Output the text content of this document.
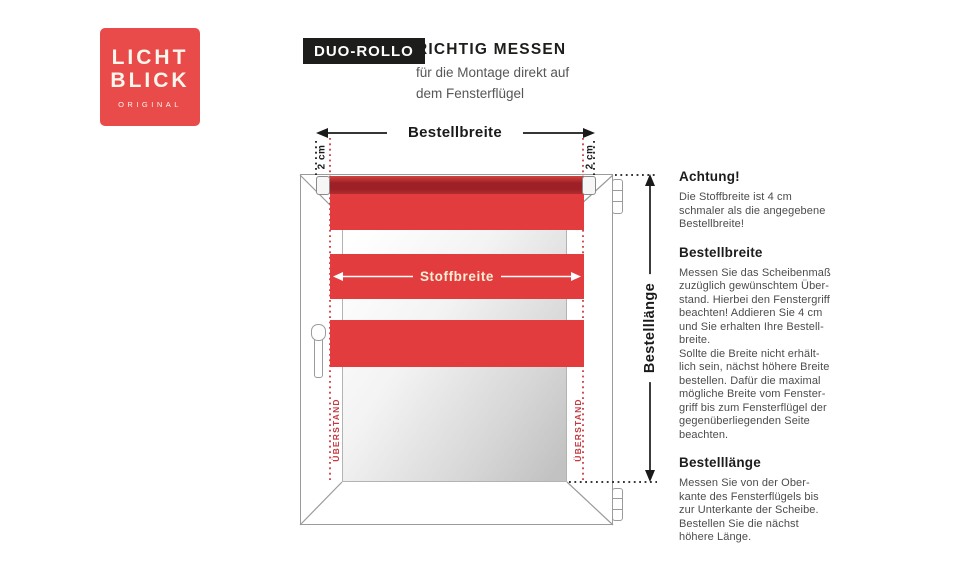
LICHT
BLICK
ORIGINAL
DUO-ROLLO RICHTIG MESSEN
für die Montage direkt auf
dem Fensterflügel
Stoffbreite
Bestellbreite
2 cm	2 cm
Bestelllänge
ÜBERSTAND	ÜBERSTAND
Achtung!
Die Stoffbreite ist 4 cm
schmaler als die angegebene
Bestellbreite!
Bestellbreite
Messen Sie das Scheibenmaß
zuzüglich gewünschtem Über-
stand. Hierbei den Fenstergriff
beachten! Addieren Sie 4 cm
und Sie erhalten Ihre Bestell-
breite.
Sollte die Breite nicht erhält-
lich sein, nächst höhere Breite
bestellen. Dafür die maximal
mögliche Breite vom Fenster-
griff bis zum Fensterflügel der
gegenüberliegenden Seite
beachten.
Bestelllänge
Messen Sie von der Ober-
kante des Fensterflügels bis
zur Unterkante der Scheibe.
Bestellen Sie die nächst
höhere Länge.
